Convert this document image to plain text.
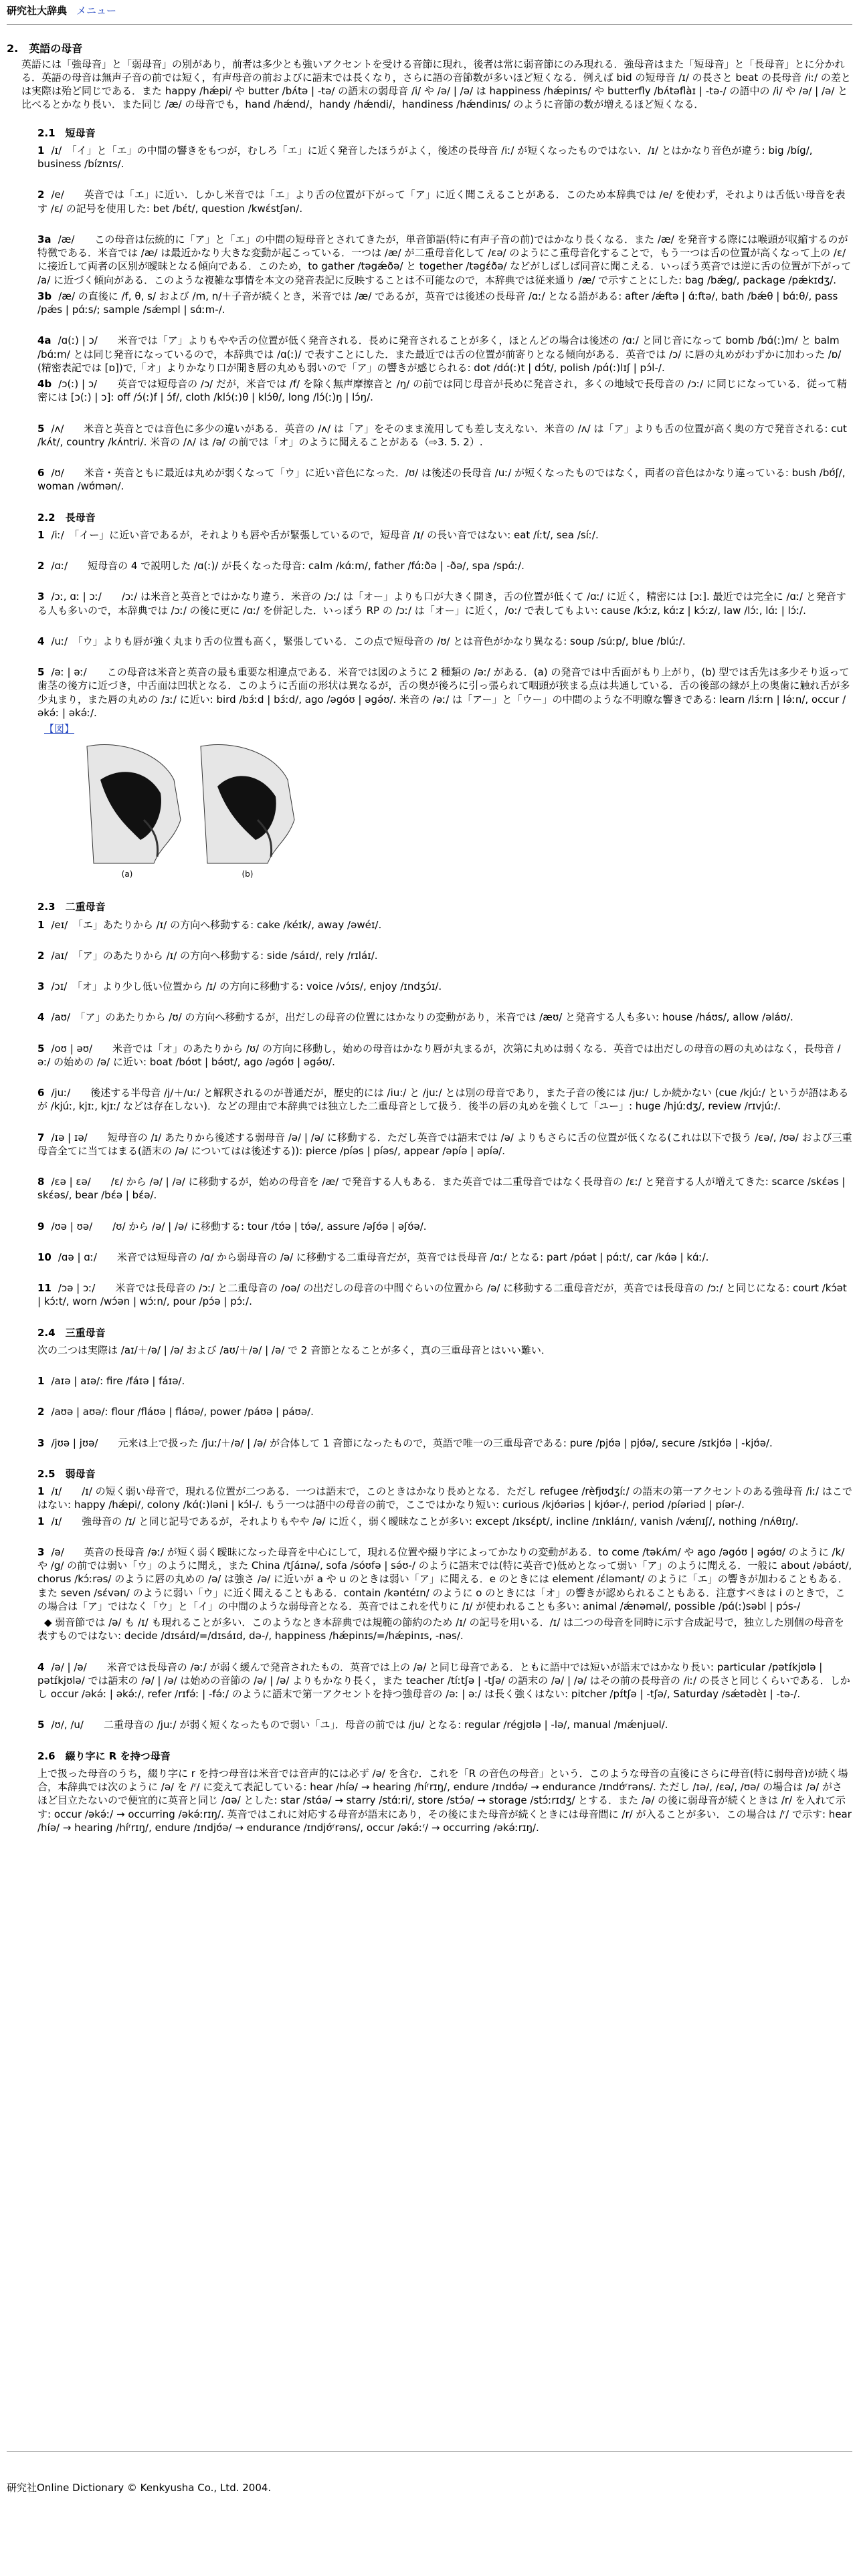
研究社大辞典 メニュー
2.　英語の母音
英語には「強母音」と「弱母音」の別があり，前者は多少とも強いアクセントを受ける音節に現れ，後者は常に弱音節にのみ現れる．強母音はまた「短母音」と「長母音」とに分かれる．英語の母音は無声子音の前では短く，有声母音の前およびに語末では長くなり，さらに語の音節数が多いほど短くなる．例えば bid の短母音 /ɪ/ の長さと beat の長母音 /iː/ の差とは実際は殆ど同じである．また happy /hǽpi/ や butter /bʌ́tə | -tə/ の語末の弱母音 /i/ や /ə/ | /ə/ は happiness /hǽpinɪs/ や butterfly /bʌ́təflàɪ | -tə-/ の語中の /i/ や /ə/ | /ə/ と比べるとかなり長い．また同じ /æ/ の母音でも，hand /hǽnd/，handy /hǽndi/，handiness /hǽndinɪs/ のように音節の数が増えるほど短くなる．
2.1　短母音
1 /ɪ/　「イ」と「エ」の中間の響きをもつが，むしろ「エ」に近く発音したほうがよく，後述の長母音 /iː/ が短くなったものではない．/ɪ/ とはかなり音色が違う: big /bíg/, business /bíznɪs/.
2 /e/　　英音では「エ」に近い．しかし米音では「エ」より舌の位置が下がって「ア」に近く聞こえることがある．このため本辞典では /e/ を使わず，それよりは舌低い母音を表す /ɛ/ の記号を使用した: bet /bɛ́t/, question /kwɛ́stʃən/.
3a /æ/　　この母音は伝統的に「ア」と「エ」の中間の短母音とされてきたが，単音節語(特に有声子音の前)ではかなり長くなる．また /æ/ を発音する際には喉頭が収縮するのが特徴である．米音では /æ/ は最近かなり大きな変動が起こっている．一つは /æ/ が二重母音化して /ɛə/ のようにこ重母音化することで，もう一つは舌の位置が高くなって上の /ɛ/ に接近して両者の区別が曖昧となる傾向である．このため，to gather /təgǽðə/ と together /təgɛ́ðə/ などがしばしば同音に聞こえる．いっぽう英音では逆に舌の位置が下がって /a/ に近づく傾向がある．このような複雑な事情を本文の発音表記に反映することは不可能なので，本辞典では従来通り /æ/ で示すことにした: bag /bǽg/, package /pǽkɪdʒ/.
3b /æ/ の直後に /f, θ, s/ および /m, n/＋子音が続くとき，米音では /æ/ であるが，英音では後述の長母音 /ɑː/ となる語がある: after /ǽftə | ɑ́ːftə/, bath /bǽθ | bɑ́ːθ/, pass /pǽs | pɑ́ːs/; sample /sǽmpl | sɑ́ːm-/.
4a /ɑ(ː) | ɔ/　　米音では「ア」よりもやや舌の位置が低く発音される．長めに発音されることが多く，ほとんどの場合は後述の /ɑː/ と同じ音になって bomb /bɑ́(ː)m/ と balm /bɑ́ːm/ とは同じ発音になっているので，本辞典では /ɑ(ː)/ で表すことにした．また最近では舌の位置が前寄りとなる傾向がある．英音では /ɔ/ に唇の丸めがわずかに加わった /ɒ/ (精密表記では [ɒ])で,「オ」よりかなり口が開き唇の丸めも弱いので「ア」の響きが感じられる: dot /dɑ́(ː)t | dɔ́t/, polish /pɑ́(ː)lɪʃ | pɔ́l-/.
4b /ɔ(ː) | ɔ/　　英音では短母音の /ɔ/ だが，米音では /f/ を除く無声摩擦音と /ŋ/ の前では同じ母音が長めに発音され，多くの地域で長母音の /ɔː/ に同じになっている．従って精密には [ɔ(ː) | ɔ]: off /ɔ́(ː)f | ɔ́f/, cloth /klɔ́(ː)θ | klɔ́θ/, long /lɔ́(ː)ŋ | lɔ́ŋ/.
5 /ʌ/　　米音と英音とでは音色に多少の違いがある．英音の /ʌ/ は「ア」をそのまま流用しても差し支えない．米音の /ʌ/ は「ア」よりも舌の位置が高く奥の方で発音される: cut /kʌ́t/, country /kʌ́ntri/. 米音の /ʌ/ は /ə/ の前では「オ」のように聞えることがある（⇨3. 5. 2）.
6 /ʊ/　　米音・英音ともに最近は丸めが弱くなって「ウ」に近い音色になった．/ʊ/ は後述の長母音 /uː/ が短くなったものではなく，両者の音色はかなり違っている: bush /bʊ́ʃ/, woman /wʊ́mən/.
2.2　長母音
1 /iː/　「イー」に近い音であるが，それよりも唇や舌が緊張しているので，短母音 /ɪ/ の長い音ではない: eat /íːt/, sea /síː/.
2 /ɑː/　　短母音の 4 で説明した /ɑ(ː)/ が長くなった母音: calm /kɑ́ːm/, father /fɑ́ːðə | -ðə/, spa /spɑ́ː/.
3 /ɔː, ɑː | ɔː/　　/ɔː/ は米音と英音とではかなり違う．米音の /ɔː/ は「オー」よりも口が大きく開き，舌の位置が低くて /ɑː/ に近く，精密には [ɔː]. 最近では完全に /ɑː/ と発音する人も多いので，本辞典では /ɔː/ の後に更に /ɑː/ を併記した．いっぽう RP の /ɔː/ は「オー」に近く，/oː/ で表してもよい: cause /kɔ́ːz, kɑ́ːz | kɔ́ːz/, law /lɔ́ː, lɑ́ː | lɔ́ː/.
4 /uː/　「ウ」よりも唇が強く丸まり舌の位置も高く，緊張している．この点で短母音の /ʊ/ とは音色がかなり異なる: soup /súːp/, blue /blúː/.
5 /əː | əː/　　この母音は米音と英音の最も重要な相違点である．米音では図のように 2 種類の /əː/ がある．(a) の発音では中舌面がもり上がり，(b) 型では舌先は多少そり返って歯茎の後方に近づき，中舌面は凹状となる．このように舌面の形状は異なるが，舌の奥が後ろに引っ張られて咽頭が狭まる点は共通している．舌の後部の縁が上の奥歯に触れ舌が多少丸まり，また唇の丸めの /ɜː/ に近い: bird /bɜ́ːd | bɜ́ːd/, ago /əgóʊ | əgə́ʊ/. 米音の /əː/ は「アー」と「ウー」の中間のような不明瞭な響きである: learn /lɜ́ːrn | lə́ːn/, occur /əkə́ː | əkə́ː/.
【図】
(a)	(b)
2.3　二重母音
1 /eɪ/　「エ」あたりから /ɪ/ の方向へ移動する: cake /kéɪk/, away /əwéɪ/.
2 /aɪ/　「ア」のあたりから /ɪ/ の方向へ移動する: side /sáɪd/, rely /rɪláɪ/.
3 /ɔɪ/　「オ」より少し低い位置から /ɪ/ の方向に移動する: voice /vɔ́ɪs/, enjoy /ɪndʒɔ́ɪ/.
4 /aʊ/　「ア」のあたりから /ʊ/ の方向へ移動するが，出だしの母音の位置にはかなりの変動があり，米音では /æʊ/ と発音する人も多い: house /háʊs/, allow /əláʊ/.
5 /oʊ | əʊ/　　米音では「オ」のあたりから /ʊ/ の方向に移動し，始めの母音はかなり唇が丸まるが，次第に丸めは弱くなる．英音では出だしの母音の唇の丸めはなく，長母音 /əː/ の始めの /ə/ に近い: boat /bóʊt | bə́ʊt/, ago /əgóʊ | əgə́ʊ/.
6 /juː/　　後述する半母音 /j/＋/uː/ と解釈されるのが普通だが，歴史的には /iu:/ と /juː/ とは別の母音であり，また子音の後には /juː/ しか続かない (cue /kjúː/ というが語はあるが /kjúː, kjɪː, kjɪː/ などは存在しない)．などの理由で本辞典では独立した二重母音として扱う．後半の唇の丸めを強くして「ユー」: huge /hjúːdʒ/, review /rɪvjúː/.
7 /ɪə | ɪə/　　短母音の /ɪ/ あたりから後述する弱母音 /ə/ | /ə/ に移動する．ただし英音では語末では /ə/ よりもさらに舌の位置が低くなる(これは以下で扱う /ɛə/, /ʊə/ および三重母音全てに当てはまる(語末の /ə/ についてはは後述する)): pierce /píəs | píəs/, appear /əpíə | əpíə/.
8 /ɛə | ɛə/　　/ɛ/ から /ə/ | /ə/ に移動するが，始めの母音を /æ/ で発音する人もある．また英音では二重母音ではなく長母音の /ɛː/ と発音する人が増えてきた: scarce /skɛ́əs | skɛ́əs/, bear /bɛ́ə | bɛ́ə/.
9 /ʊə | ʊə/　　/ʊ/ から /ə/ | /ə/ に移動する: tour /tʊ́ə | tʊ́ə/, assure /əʃʊ́ə | əʃʊ́ə/.
10 /ɑə | ɑː/　　米音では短母音の /ɑ/ から弱母音の /ə/ に移動する二重母音だが，英音では長母音 /ɑː/ となる: part /pɑ́ət | pɑ́ːt/, car /kɑ́ə | kɑ́ː/.
11 /ɔə | ɔː/　　米音では長母音の /ɔː/ と二重母音の /oə/ の出だしの母音の中間ぐらいの位置から /ə/ に移動する二重母音だが，英音では長母音の /ɔː/ と同じになる: court /kɔ́ət | kɔ́ːt/, worn /wɔ́ən | wɔ́ːn/, pour /pɔ́ə | pɔ́ː/.
2.4　三重母音
次の二つは実際は /aɪ/＋/ə/ | /ə/ および /aʊ/＋/ə/ | /ə/ で 2 音節となることが多く，真の三重母音とはいい難い．
1 /aɪə | aɪə/: fire /fáɪə | fáɪə/.
2 /aʊə | aʊə/: flour /fláʊə | fláʊə/, power /páʊə | páʊə/.
3 /jʊə | jʊə/　　元来は上で扱った /juː/＋/ə/ | /ə/ が合体して 1 音節になったもので，英語で唯一の三重母音である: pure /pjʊ́ə | pjʊ́ə/, secure /sɪkjʊ́ə | -kjʊ́ə/.
2.5　弱母音
1 /ɪ/　　/ɪ/ の短く弱い母音で，現れる位置が二つある．一つは語末で，このときはかなり長めとなる．ただし refugee /rèfjʊdʒíː/ の語末の第一アクセントのある強母音 /iː/ はこではない: happy /hǽpi/, colony /kɑ́(ː)ləni | kɔ́l-/. もう一つは語中の母音の前で，ここではかなり短い: curious /kjʊ́əriəs | kjʊ́ər-/, period /píəriəd | píər-/.
1 /ɪ/　　強母音の /ɪ/ と同じ記号であるが，それよりもやや /ə/ に近く，弱く曖昧なことが多い: except /ɪksɛ́pt/, incline /ɪnkláɪn/, vanish /vǽnɪʃ/, nothing /nʌ́θɪŋ/.
3 /ə/　　英音の長母音 /əː/ が短く弱く曖昧になった母音を中心にして，現れる位置や綴り字によってかなりの変動がある．to come /təkʌ́m/ や ago /əgóʊ | əgə́ʊ/ のように /k/ や /g/ の前では弱い「ウ」のように聞え，また China /tʃáɪnə/, sofa /sóʊfə | sə́ʊ-/ のように語末では(特に英音で)低めとなって弱い「ア」のように聞える．一般に about /əbáʊt/, chorus /kɔ́ːrəs/ のように唇の丸めの /ə/ は強さ /ə/ に近いが a や u のときは弱い「ア」に聞える．e のときには element /ɛ́ləmənt/ のように「エ」の響きが加わることもある．また seven /sɛ́vən/ のように弱い「ウ」に近く聞えることもある．contain /kəntéɪn/ のように o のときには「オ」の響きが認められることもある．注意すべきは i のときで，この場合は「ア」ではなく「ウ」と「イ」の中間のような弱母音となる．英音ではこれを代りに /ɪ/ が使われることも多い: animal /ǽnəməl/, possible /pɑ́(ː)səbl | pɔ́s-/
◆ 弱音節では /ə/ も /ɪ/ も現れることが多い．このようなとき本辞典では規範の節約のため /ɪ/ の記号を用いる．/ɪ/ は二つの母音を同時に示す合成記号で，独立した別個の母音を表すものではない: decide /dɪsáɪd/=/dɪsáɪd, də-/, happiness /hǽpinɪs/=/hǽpinɪs, -nəs/.
4 /ə/ | /ə/　　米音では長母音の /əː/ が弱く緩んで発音されたもの．英音では上の /ə/ と同じ母音である．ともに語中では短いが語末ではかなり長い: particular /pətɪ́kjʊlə | pətɪ́kjʊlə/ では語末の /ə/ | /ə/ は始めの音節の /ə/ | /ə/ よりもかなり長く，また teacher /tíːtʃə | -tʃə/ の語末の /ə/ | /ə/ はその前の長母音の /iː/ の長さと同じくらいである．しかし occur /əkə́ː | əkə́ː/, refer /rɪfə́ː | -fə́ː/ のように語末で第一アクセントを持つ強母音の /əː | əː/ は長く強くはない: pitcher /pɪ́tʃə | -tʃə/, Saturday /sǽtədèɪ | -tə-/.
5 /ʊ/, /u/　　二重母音の /juː/ が弱く短くなったもので弱い「ユ」．母音の前では /ju/ となる: regular /régjʊlə | -lə/, manual /mǽnjuəl/.
2.6　綴り字に R を持つ母音
上で扱った母音のうち，綴り字に r を持つ母音は米音では音声的には必ず /ə/ を含む．これを「R の音色の母音」という．このような母音の直後にさらに母音(特に弱母音)が続く場合，本辞典では次のように /ə/ を /ʳ/ に変えて表記している: hear /híə/ → hearing /híʳrɪŋ/, endure /ɪndʊ́ə/ → endurance /ɪndʊ́ʳrəns/. ただし /ɪə/, /ɛə/, /ʊə/ の場合は /ə/ がさほど目立たないので便宜的に英音と同じ /ɑə/ とした: star /stɑ́ə/ → starry /stɑ́ːri/, store /stɔ́ə/ → storage /stɔ́ːrɪdʒ/ とする．また /ə/ の後に弱母音が続くときは /r/ を入れて示す: occur /əkə́ː/ → occurring /əkə́ːrɪŋ/. 英音ではこれに対応する母音が語末にあり，その後にまた母音が続くときには母音間に /r/ が入ることが多い．この場合は /ʳ/ で示す: hear /híə/ → hearing /híʳrɪŋ/, endure /ɪndjʊ́ə/ → endurance /ɪndjʊ́ʳrəns/, occur /əkə́ːʳ/ → occurring /əkə́ːrɪŋ/.
研究社Online Dictionary © Kenkyusha Co., Ltd. 2004.
